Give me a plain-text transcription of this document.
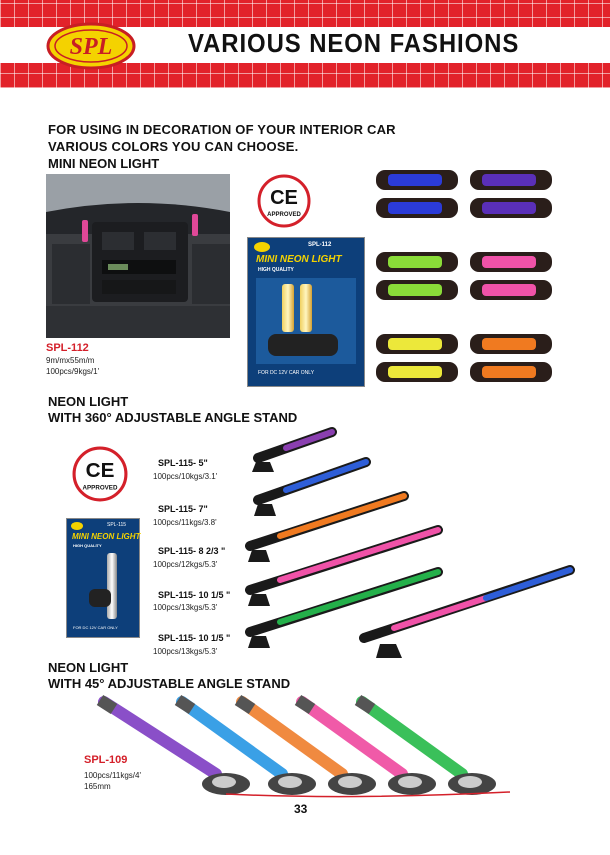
SPL	VARIOUS NEON FASHIONS
FOR USING IN DECORATION OF YOUR INTERIOR CAR
VARIOUS COLORS YOU CAN CHOOSE.
MINI NEON LIGHT
SPL-112
9m/mx55m/m
100pcs/9kgs/1'
CE
APPROVED
SPL-112
MINI NEON LIGHT
HIGH QUALITY
FOR DC 12V CAR ONLY
NEON LIGHT
WITH 360° ADJUSTABLE ANGLE STAND
CE
APPROVED
SPL-115
MINI NEON LIGHT
HIGH QUALITY
FOR DC 12V CAR ONLY
SPL-115- 5"
100pcs/10kgs/3.1'
SPL-115- 7"
100pcs/11kgs/3.8'
SPL-115- 8 2/3 "
100pcs/12kgs/5.3'
SPL-115- 10 1/5 "
100pcs/13kgs/5.3'
SPL-115- 10 1/5 "
100pcs/13kgs/5.3'
NEON LIGHT
WITH 45° ADJUSTABLE ANGLE STAND
SPL-109
100pcs/11kgs/4'
165mm
33
